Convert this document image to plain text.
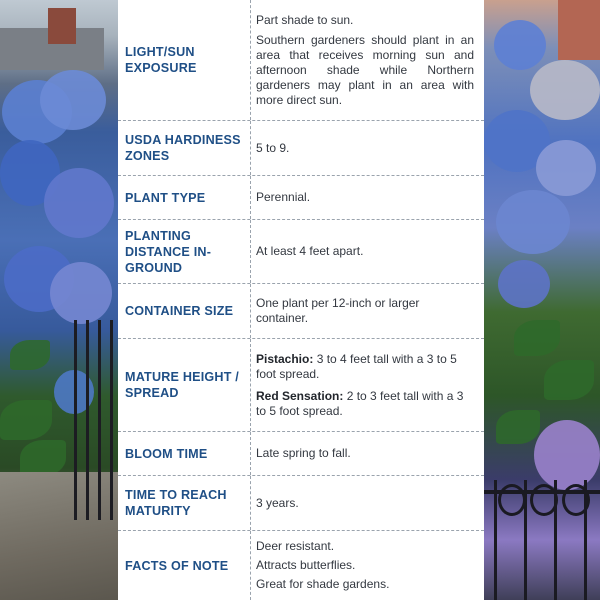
LIGHT/SUN EXPOSURE

Part shade to sun.

Southern gardeners should plant in an area that receives morning sun and afternoon shade while Northern gardeners may plant in an area with more direct sun.

USDA HARDINESS ZONES

5 to 9.

PLANT TYPE	Perennial.

PLANTING DISTANCE IN-GROUND

At least 4 feet apart.

CONTAINER SIZE

One plant per 12-inch or larger container.

MATURE HEIGHT / SPREAD

Pistachio: 3 to 4 feet tall with a 3 to 5 foot spread.

Red Sensation: 2 to 3 feet tall with a 3 to 5 foot spread.

BLOOM TIME	Late spring to fall.

TIME TO REACH MATURITY

3 years.

FACTS OF NOTE

Deer resistant.

Attracts butterflies.

Great for shade gardens.
